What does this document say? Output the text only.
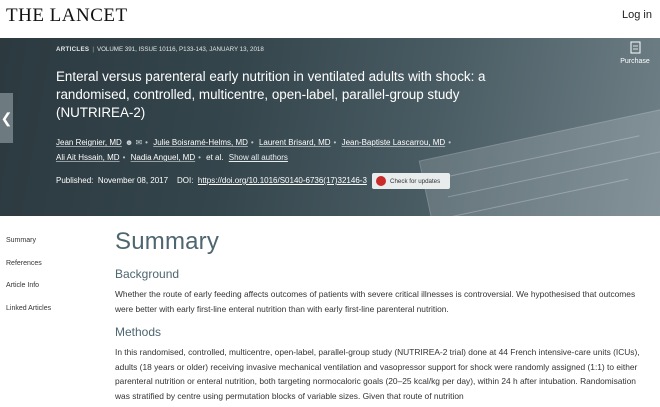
THE LANCET	Log in
❮
ARTICLES | VOLUME 391, ISSUE 10116, P133-143, JANUARY 13, 2018
Enteral versus parenteral early nutrition in ventilated adults with shock: a randomised, controlled, multicentre, open-label, parallel-group study (NUTRIREA-2)
Jean Reignier, MD ☻ ✉ • Julie Boisramé-Helms, MD • Laurent Brisard, MD • Jean-Baptiste Lascarrou, MD •
Ali Ait Hssain, MD • Nadia Anguel, MD • et al. Show all authors
Published: November 08, 2017 DOI: https://doi.org/10.1016/S0140-6736(17)32146-3	Check for updates
Purchase
Summary
References
Article Info
Linked Articles
Summary
Background
Whether the route of early feeding affects outcomes of patients with severe critical illnesses is controversial. We hypothesised that outcomes were better with early first-line enteral nutrition than with early first-line parenteral nutrition.
Methods
In this randomised, controlled, multicentre, open-label, parallel-group study (NUTRIREA-2 trial) done at 44 French intensive-care units (ICUs), adults (18 years or older) receiving invasive mechanical ventilation and vasopressor support for shock were randomly assigned (1:1) to either parenteral nutrition or enteral nutrition, both targeting normocaloric goals (20–25 kcal/kg per day), within 24 h after intubation. Randomisation was stratified by centre using permutation blocks of variable sizes. Given that route of nutrition
